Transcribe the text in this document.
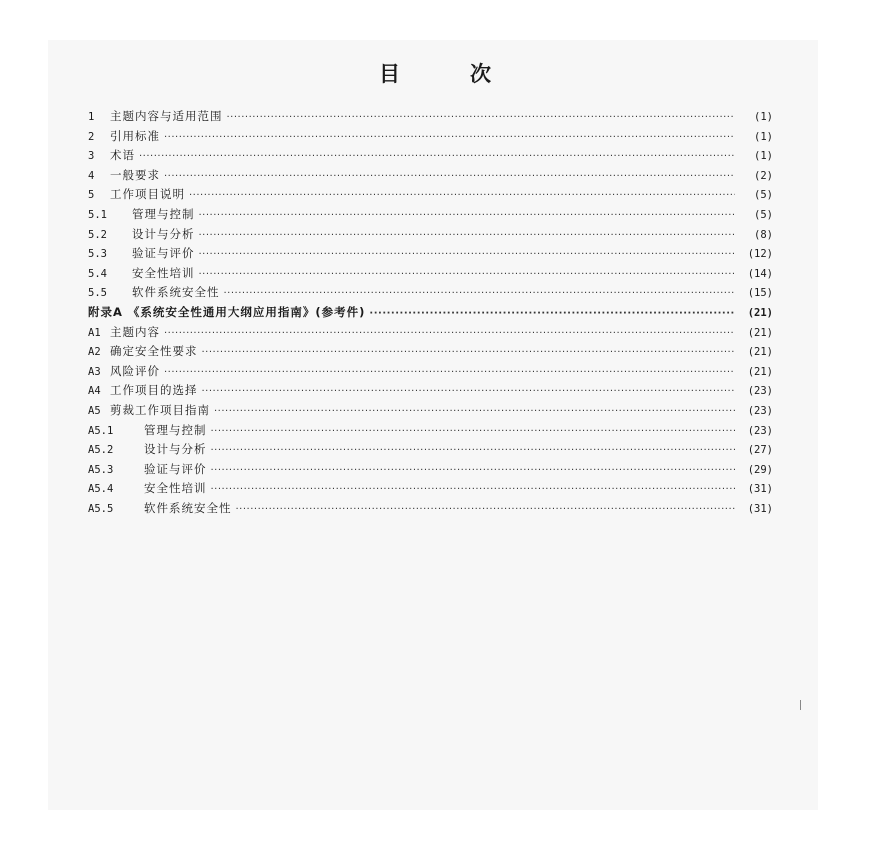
目	次
1	主题内容与适用范围 ·····	(1)
2	引用标准 ·····	(1)
3	术语 ·····	(1)
4	一般要求 ·····	(2)
5	工作项目说明 ·····	(5)
5.1	管理与控制 ·····	(5)
5.2	设计与分析 ·····	(8)
5.3	验证与评价 ·····	(12)
5.4	安全性培训 ·····	(14)
5.5	软件系统安全性 ·····	(15)
附录A 《系统安全性通用大纲应用指南》(参考件) ·····	(21)
A1 主题内容 ·····	(21)
A2 确定安全性要求 ·····	(21)
A3 风险评价 ·····	(21)
A4 工作项目的选择 ·····	(23)
A5 剪裁工作项目指南 ·····	(23)
A5.1	管理与控制 ·····	(23)
A5.2	设计与分析 ·····	(27)
A5.3	验证与评价 ·····	(29)
A5.4	安全性培训 ·····	(31)
A5.5	软件系统安全性 ·····	(31)
